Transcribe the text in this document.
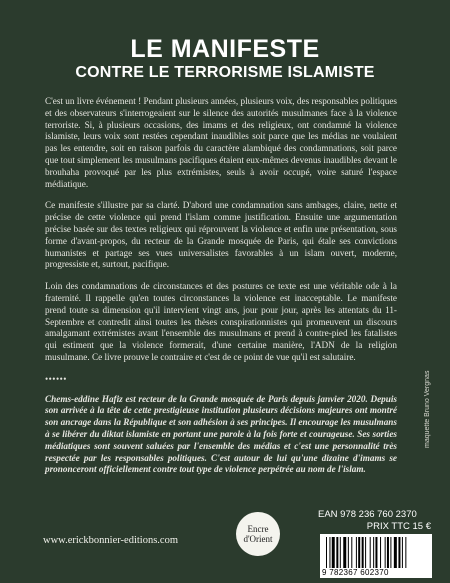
LE MANIFESTE
CONTRE LE TERRORISME ISLAMISTE

C'est un livre événement ! Pendant plusieurs années, plusieurs voix, des responsables politiques et des observateurs s'interrogeaient sur le silence des autorités musulmanes face à la violence terroriste. Si, à plusieurs occasions, des imams et des religieux, ont condamné la violence islamiste, leurs voix sont restées cependant inaudibles soit parce que les médias ne voulaient pas les entendre, soit en raison parfois du caractère alambiqué des condamnations, soit parce que tout simplement les musulmans pacifiques étaient eux-mêmes devenus inaudibles devant le brouhaha provoqué par les plus extrémistes, seuls à avoir occupé, voire saturé l'espace médiatique.

Ce manifeste s'illustre par sa clarté. D'abord une condamnation sans ambages, claire, nette et précise de cette violence qui prend l'islam comme justification. Ensuite une argumentation précise basée sur des textes religieux qui réprouvent la violence et enfin une présentation, sous forme d'avant-propos, du recteur de la Grande mosquée de Paris, qui étale ses convictions humanistes et partage ses vues universalistes favorables à un islam ouvert, moderne, progressiste et, surtout, pacifique.

Loin des condamnations de circonstances et des postures ce texte est une véritable ode à la fraternité. Il rappelle qu'en toutes circonstances la violence est inacceptable. Le manifeste prend toute sa dimension qu'il intervient vingt ans, jour pour jour, après les attentats du 11-Septembre et contredit ainsi toutes les thèses conspirationnistes qui promeuvent un discours amalgamant extrémistes avant l'ensemble des musulmans et prend à contre-pied les fatalistes qui estiment que la violence formerait, d'une certaine manière, l'ADN de la religion musulmane. Ce livre prouve le contraire et c'est de ce point de vue qu'il est salutaire.

••••••

Chems-eddine Hafiz est recteur de la Grande mosquée de Paris depuis janvier 2020. Depuis son arrivée à la tête de cette prestigieuse institution plusieurs décisions majeures ont montré son ancrage dans la République et son adhésion à ses principes. Il encourage les musulmans à se libérer du diktat islamiste en portant une parole à la fois forte et courageuse. Ses sorties médiatiques sont souvent saluées par l'ensemble des médias et c'est une personnalité très respectée par les responsables politiques. C'est autour de lui qu'une dizaine d'imams se prononceront officiellement contre tout type de violence perpétrée au nom de l'islam.

maquette Bruno Vergnas
www.erickbonnier-editions.com
Encre
d'Orient
EAN 978 236 760 2370
PRIX TTC 15 €
9 782367 602370
